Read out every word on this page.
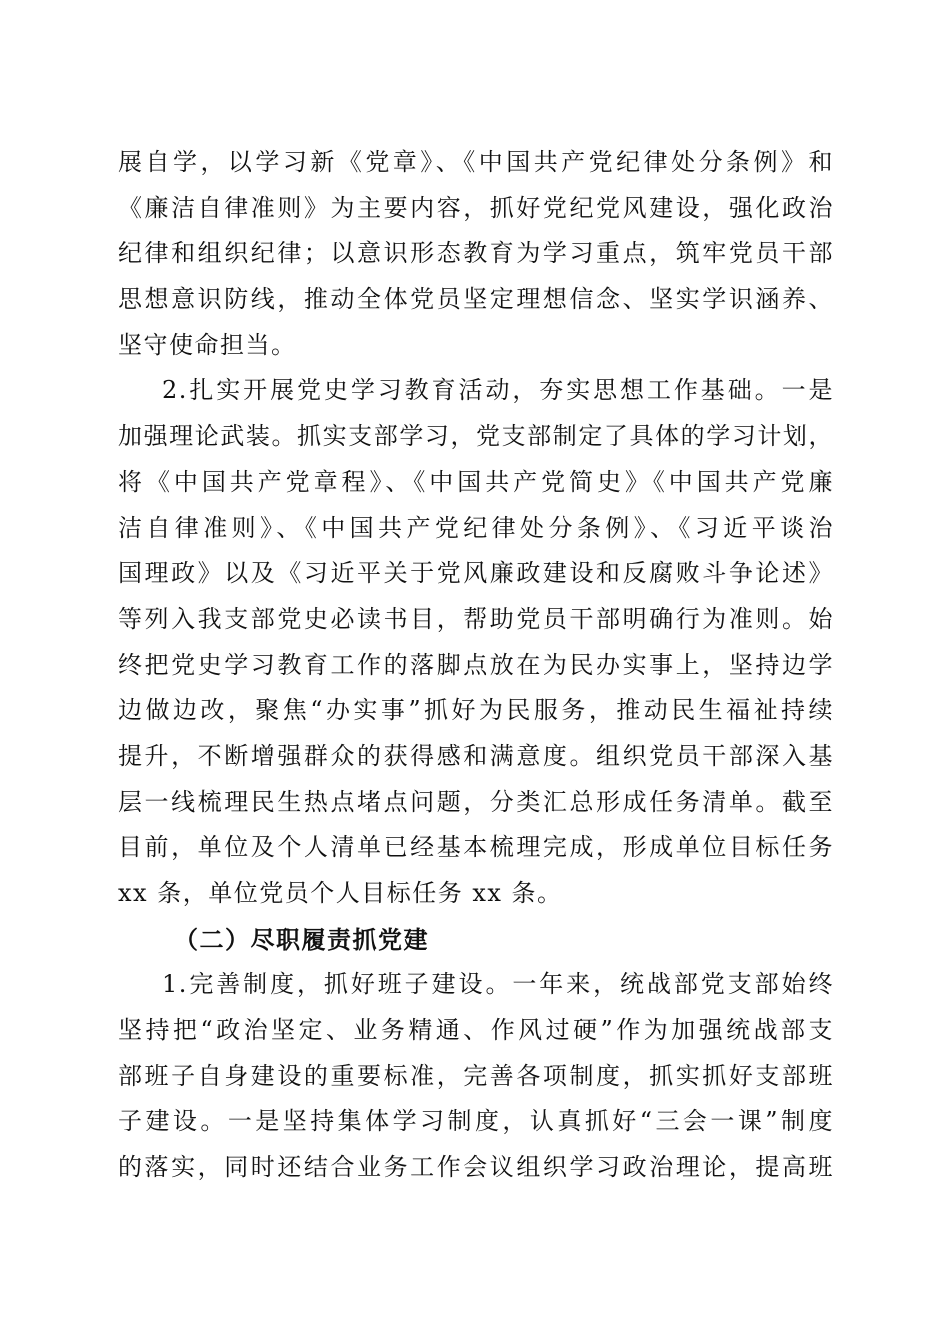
展自学，以学习新《党章》、《中国共产党纪律处分条例》和
《廉洁自律准则》为主要内容，抓好党纪党风建设，强化政治
纪律和组织纪律；以意识形态教育为学习重点，筑牢党员干部
思想意识防线，推动全体党员坚定理想信念、坚实学识涵养、
坚守使命担当。
2.扎实开展党史学习教育活动，夯实思想工作基础。一是
加强理论武装。抓实支部学习，党支部制定了具体的学习计划，
将《中国共产党章程》、《中国共产党简史》《中国共产党廉
洁自律准则》、《中国共产党纪律处分条例》、《习近平谈治
国理政》以及《习近平关于党风廉政建设和反腐败斗争论述》
等列入我支部党史必读书目，帮助党员干部明确行为准则。始
终把党史学习教育工作的落脚点放在为民办实事上，坚持边学
边做边改，聚焦“办实事”抓好为民服务，推动民生福祉持续
提升，不断增强群众的获得感和满意度。组织党员干部深入基
层一线梳理民生热点堵点问题，分类汇总形成任务清单。截至
目前，单位及个人清单已经基本梳理完成，形成单位目标任务
xx 条，单位党员个人目标任务 xx 条。
（二）尽职履责抓党建
1.完善制度，抓好班子建设。一年来，统战部党支部始终
坚持把“政治坚定、业务精通、作风过硬”作为加强统战部支
部班子自身建设的重要标准，完善各项制度，抓实抓好支部班
子建设。一是坚持集体学习制度，认真抓好“三会一课”制度
的落实，同时还结合业务工作会议组织学习政治理论，提高班
